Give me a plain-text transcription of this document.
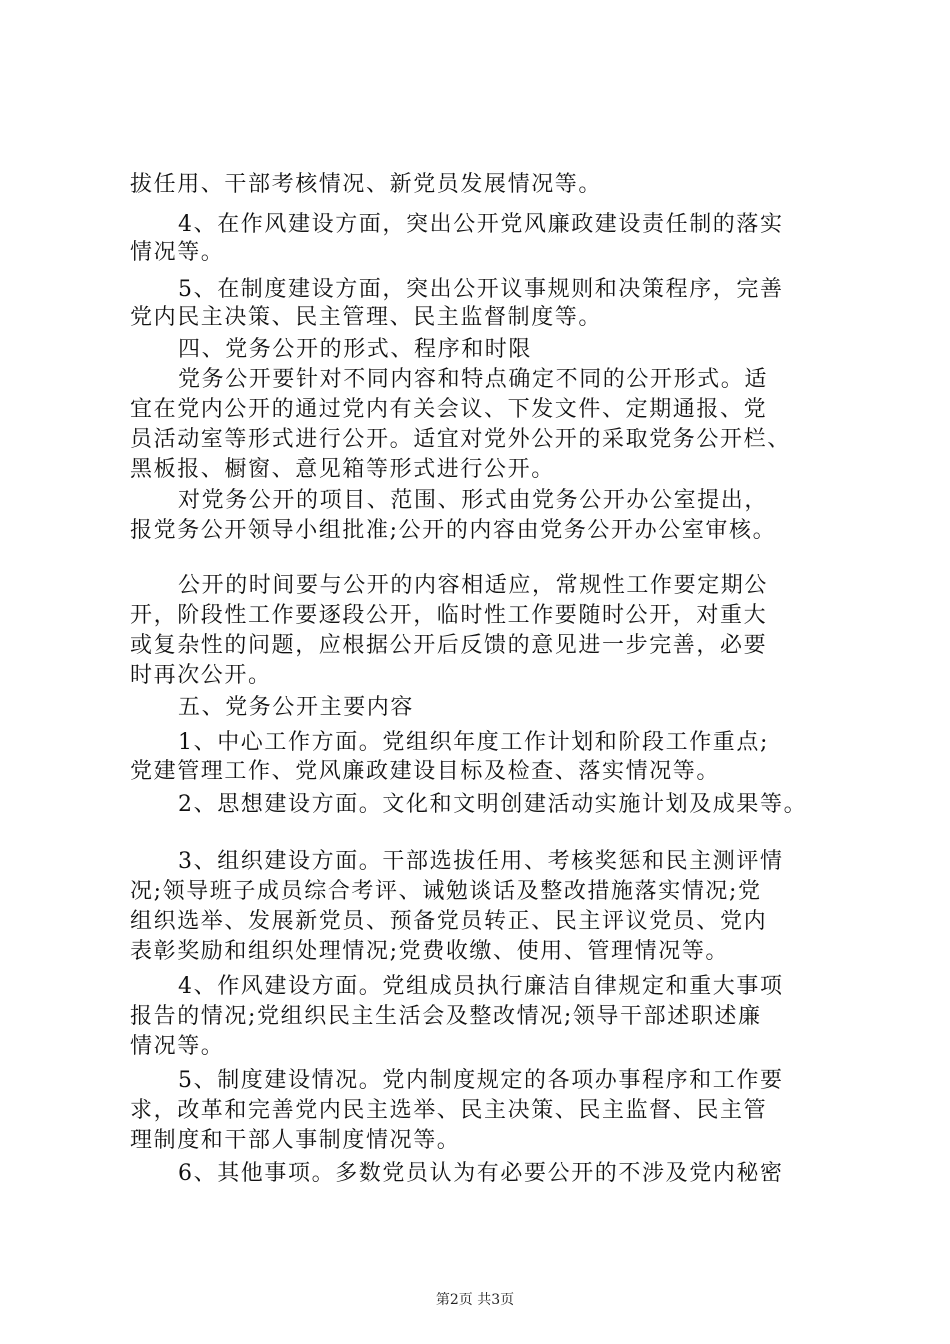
拔任用、干部考核情况、新党员发展情况等。
4、在作风建设方面，突出公开党风廉政建设责任制的落实
情况等。
5、在制度建设方面，突出公开议事规则和决策程序，完善
党内民主决策、民主管理、民主监督制度等。
四、党务公开的形式、程序和时限
党务公开要针对不同内容和特点确定不同的公开形式。适
宜在党内公开的通过党内有关会议、下发文件、定期通报、党
员活动室等形式进行公开。适宜对党外公开的采取党务公开栏、
黑板报、橱窗、意见箱等形式进行公开。
对党务公开的项目、范围、形式由党务公开办公室提出，
报党务公开领导小组批准;公开的内容由党务公开办公室审核。
公开的时间要与公开的内容相适应，常规性工作要定期公
开，阶段性工作要逐段公开，临时性工作要随时公开，对重大
或复杂性的问题，应根据公开后反馈的意见进一步完善，必要
时再次公开。
五、党务公开主要内容
1、中心工作方面。党组织年度工作计划和阶段工作重点;
党建管理工作、党风廉政建设目标及检查、落实情况等。
2、思想建设方面。文化和文明创建活动实施计划及成果等。
3、组织建设方面。干部选拔任用、考核奖惩和民主测评情
况;领导班子成员综合考评、诫勉谈话及整改措施落实情况;党
组织选举、发展新党员、预备党员转正、民主评议党员、党内
表彰奖励和组织处理情况;党费收缴、使用、管理情况等。
4、作风建设方面。党组成员执行廉洁自律规定和重大事项
报告的情况;党组织民主生活会及整改情况;领导干部述职述廉
情况等。
5、制度建设情况。党内制度规定的各项办事程序和工作要
求，改革和完善党内民主选举、民主决策、民主监督、民主管
理制度和干部人事制度情况等。
6、其他事项。多数党员认为有必要公开的不涉及党内秘密
第2页 共3页
